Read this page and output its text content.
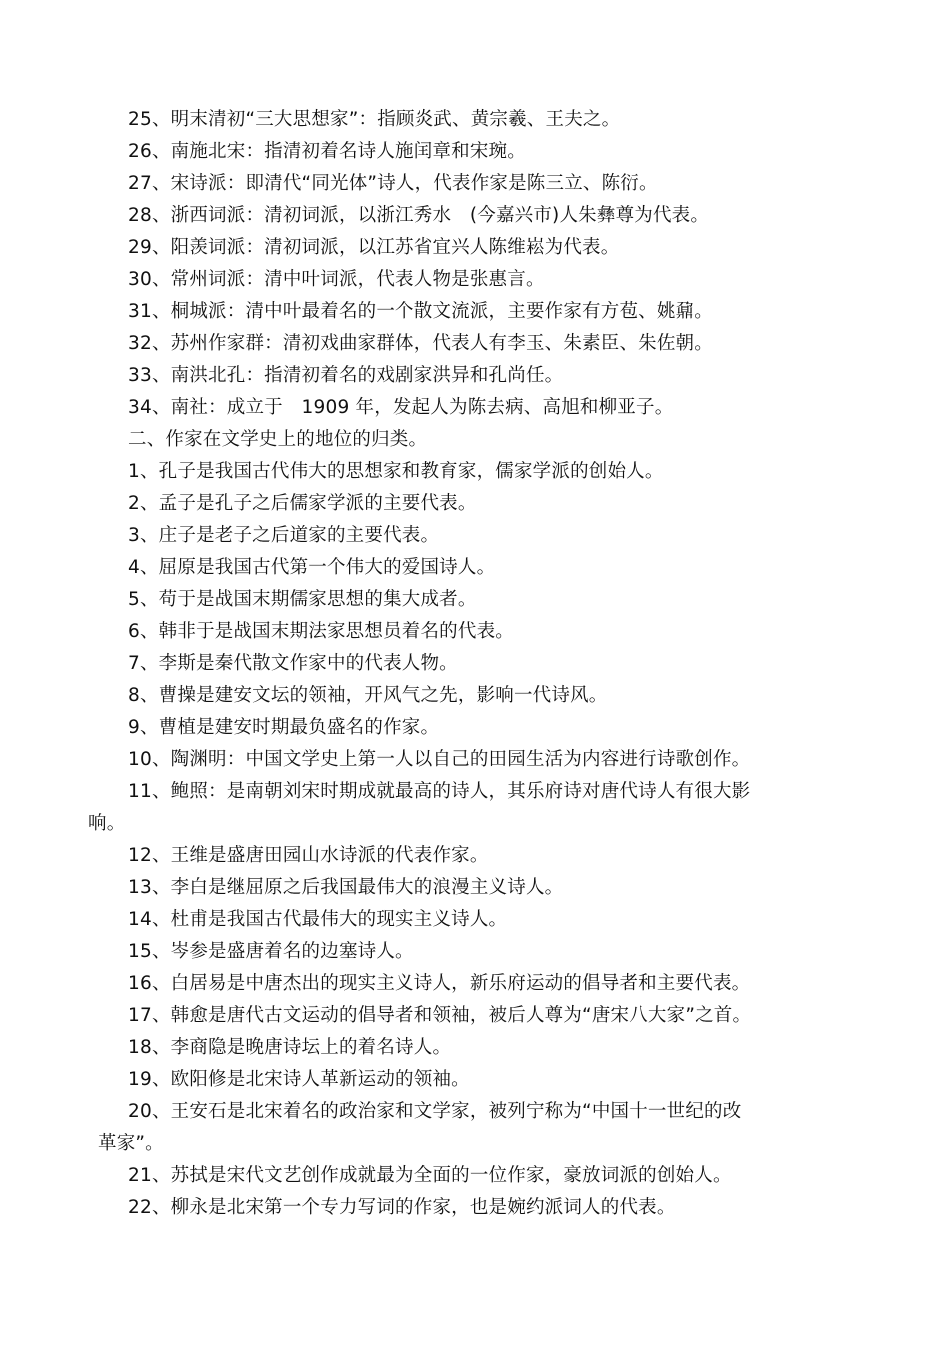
25、明末清初“三大思想家”：指顾炎武、黄宗羲、王夫之。
26、南施北宋：指清初着名诗人施闰章和宋琬。
27、宋诗派：即清代“同光体”诗人，代表作家是陈三立、陈衍。
28、浙西词派：清初词派，以浙江秀水　(今嘉兴市)人朱彝尊为代表。
29、阳羡词派：清初词派，以江苏省宜兴人陈维崧为代表。
30、常州词派：清中叶词派，代表人物是张惠言。
31、桐城派：清中叶最着名的一个散文流派，主要作家有方苞、姚鼐。
32、苏州作家群：清初戏曲家群体，代表人有李玉、朱素臣、朱佐朝。
33、南洪北孔：指清初着名的戏剧家洪异和孔尚任。
34、南社：成立于　1909 年，发起人为陈去病、高旭和柳亚子。
二、作家在文学史上的地位的归类。
1、孔子是我国古代伟大的思想家和教育家，儒家学派的创始人。
2、孟子是孔子之后儒家学派的主要代表。
3、庄子是老子之后道家的主要代表。
4、屈原是我国古代第一个伟大的爱国诗人。
5、苟于是战国末期儒家思想的集大成者。
6、韩非于是战国末期法家思想员着名的代表。
7、李斯是秦代散文作家中的代表人物。
8、曹操是建安文坛的领袖，开风气之先，影响一代诗风。
9、曹植是建安时期最负盛名的作家。
10、陶渊明：中国文学史上第一人以自己的田园生活为内容进行诗歌创作。
11、鲍照：是南朝刘宋时期成就最高的诗人，其乐府诗对唐代诗人有很大影
响。
12、王维是盛唐田园山水诗派的代表作家。
13、李白是继屈原之后我国最伟大的浪漫主义诗人。
14、杜甫是我国古代最伟大的现实主义诗人。
15、岑参是盛唐着名的边塞诗人。
16、白居易是中唐杰出的现实主义诗人，新乐府运动的倡导者和主要代表。
17、韩愈是唐代古文运动的倡导者和领袖，被后人尊为“唐宋八大家”之首。
18、李商隐是晚唐诗坛上的着名诗人。
19、欧阳修是北宋诗人革新运动的领袖。
20、王安石是北宋着名的政治家和文学家，被列宁称为“中国十一世纪的改
革家”。
21、苏拭是宋代文艺创作成就最为全面的一位作家，豪放词派的创始人。
22、柳永是北宋第一个专力写词的作家，也是婉约派词人的代表。
